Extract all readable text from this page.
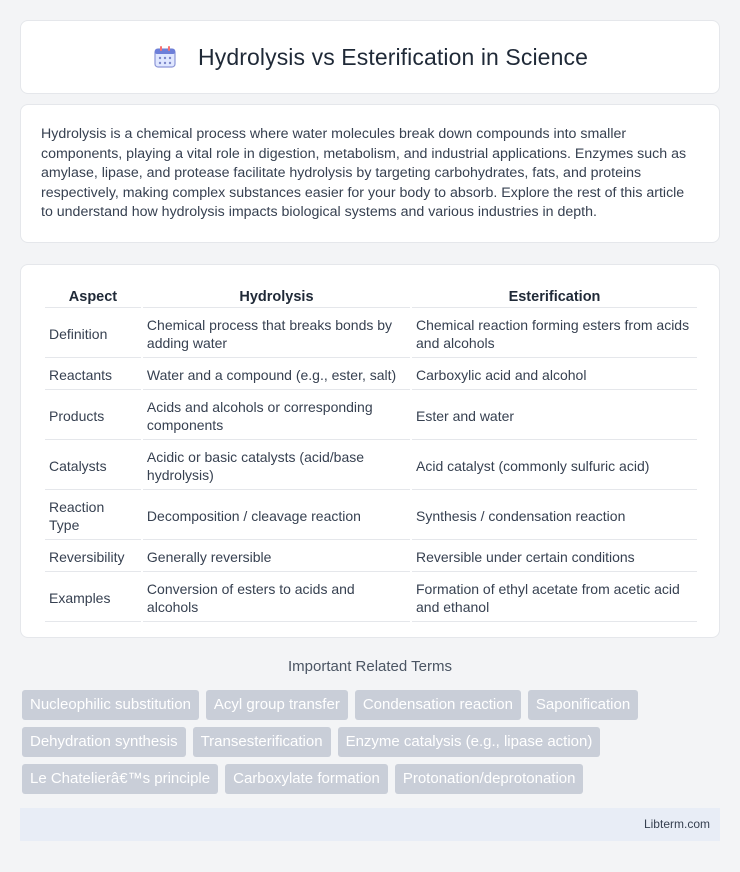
Hydrolysis vs Esterification in Science

Hydrolysis is a chemical process where water molecules break down compounds into smaller components, playing a vital role in digestion, metabolism, and industrial applications. Enzymes such as amylase, lipase, and protease facilitate hydrolysis by targeting carbohydrates, fats, and proteins respectively, making complex substances easier for your body to absorb. Explore the rest of this article to understand how hydrolysis impacts biological systems and various industries in depth.

Aspect	Hydrolysis	Esterification
Definition	Chemical process that breaks bonds by adding water	Chemical reaction forming esters from acids and alcohols
Reactants	Water and a compound (e.g., ester, salt)	Carboxylic acid and alcohol
Products	Acids and alcohols or corresponding components	Ester and water
Catalysts	Acidic or basic catalysts (acid/base hydrolysis)	Acid catalyst (commonly sulfuric acid)
Reaction Type	Decomposition / cleavage reaction	Synthesis / condensation reaction
Reversibility	Generally reversible	Reversible under certain conditions
Examples	Conversion of esters to acids and alcohols	Formation of ethyl acetate from acetic acid and ethanol
Important Related Terms
Nucleophilic substitution	Acyl group transfer	Condensation reaction	Saponification
Dehydration synthesis	Transesterification	Enzyme catalysis (e.g., lipase action)
Le Chatelierâ€™s principle	Carboxylate formation	Protonation/deprotonation
Libterm.com
